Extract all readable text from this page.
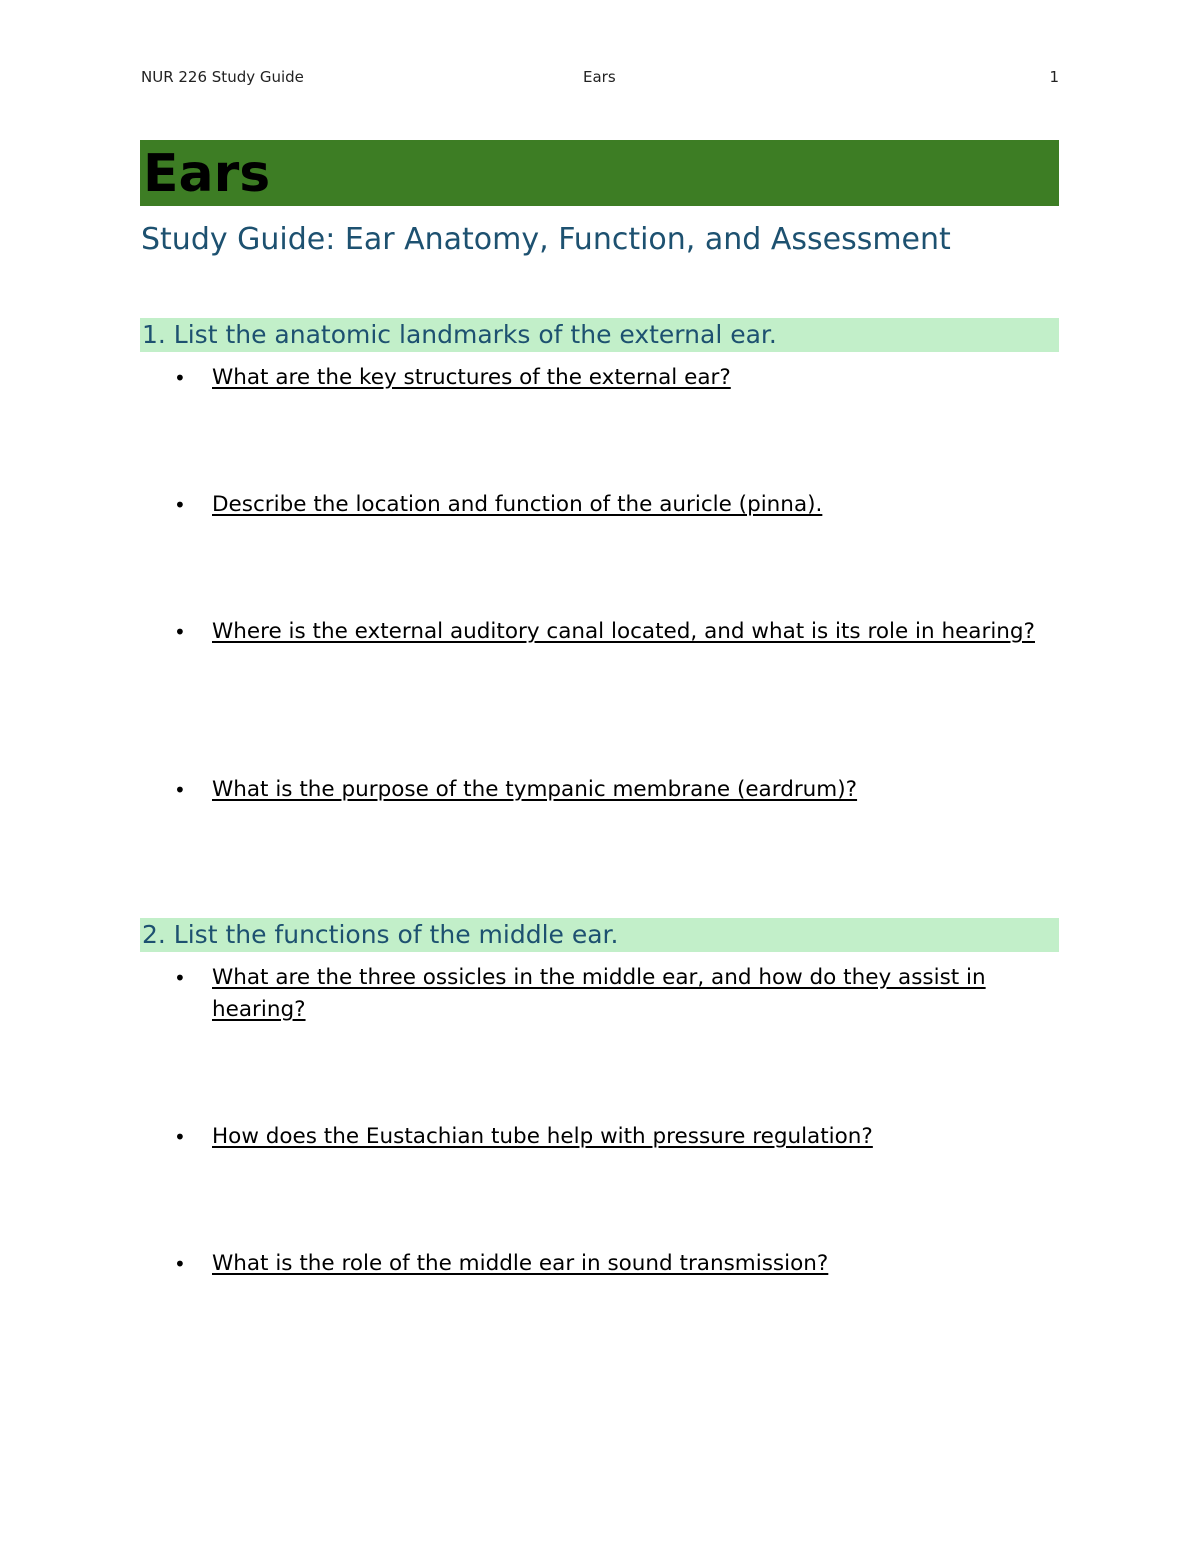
NUR 226 Study Guide	Ears	1
Ears
Study Guide: Ear Anatomy, Function, and Assessment
1. List the anatomic landmarks of the external ear.
• What are the key structures of the external ear?
• Describe the location and function of the auricle (pinna).
• Where is the external auditory canal located, and what is its role in hearing?
• What is the purpose of the tympanic membrane (eardrum)?
2. List the functions of the middle ear.
• What are the three ossicles in the middle ear, and how do they assist in hearing?
• How does the Eustachian tube help with pressure regulation?
• What is the role of the middle ear in sound transmission?
